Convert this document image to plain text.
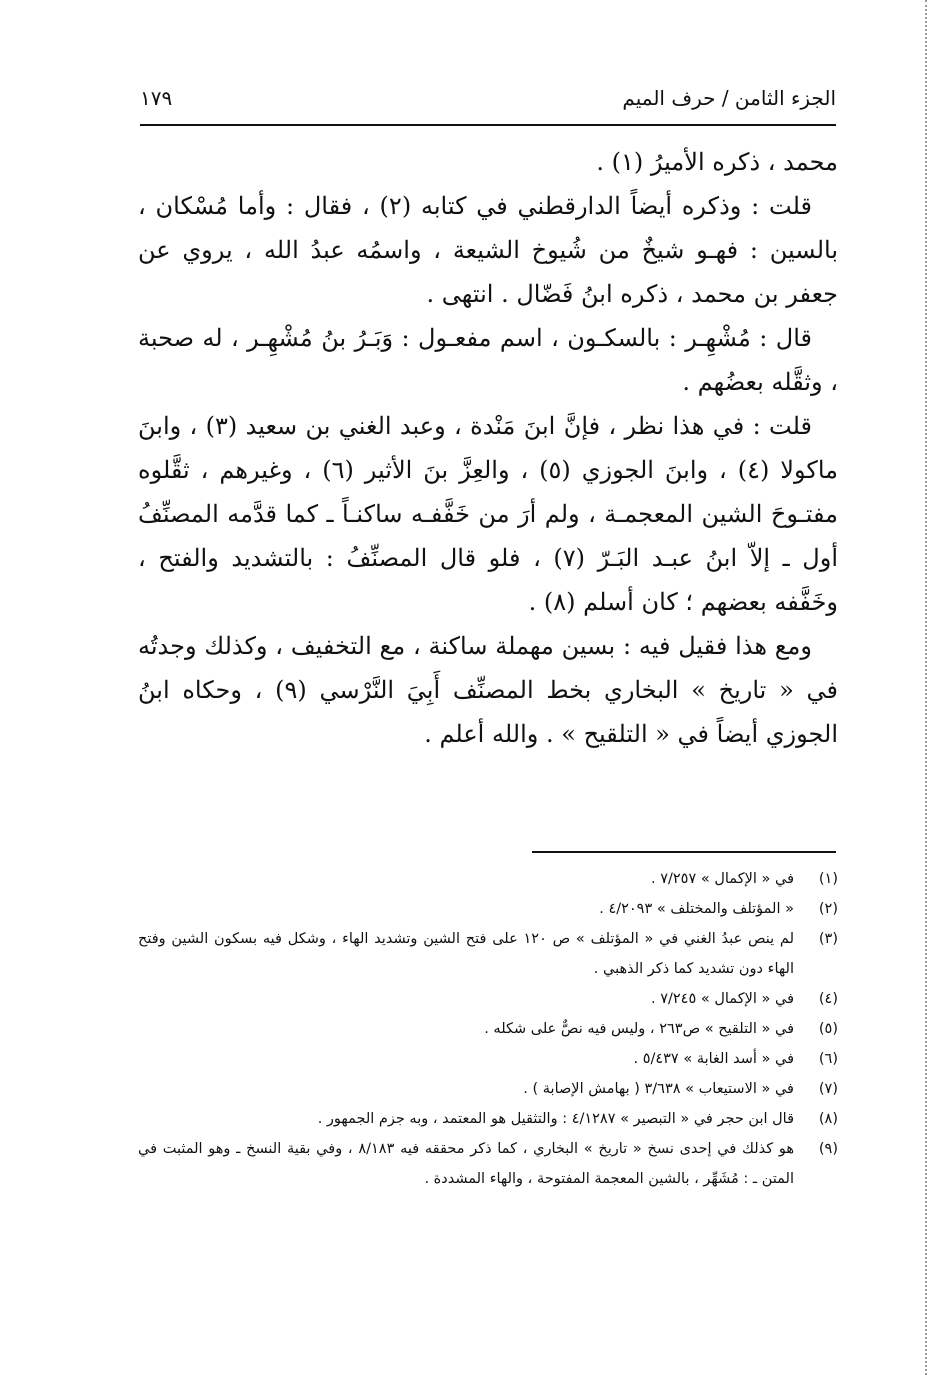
الجزء الثامن / حرف الميم
١٧٩

محمد ، ذكره الأميرُ (١) .

قلت : وذكره أيضاً الدارقطني في كتابه (٢) ، فقال : وأما مُسْكان ، بالسين : فهـو شيخٌ من شُيوخ الشيعة ، واسمُه عبدُ الله ، يروي عن جعفر بن محمد ، ذكره ابنُ فَضّال . انتهى .

قال : مُشْهِـر : بالسكـون ، اسم مفعـول : وَبَـرُ بنُ مُشْهِـر ، له صحبة ، وثقَّله بعضُهم .

قلت : في هذا نظر ، فإنَّ ابنَ مَنْدة ، وعبد الغني بن سعيد (٣) ، وابنَ ماكولا (٤) ، وابنَ الجوزي (٥) ، والعِزَّ بنَ الأثير (٦) ، وغيرهم ، ثقَّلوه مفتـوحَ الشين المعجمـة ، ولم أرَ من خَفَّفـه ساكنـاً ـ كما قدَّمه المصنِّفُ أول ـ إلاّ ابنُ عبـد البَـرّ (٧) ، فلو قال المصنِّفُ : بالتشديد والفتح ، وخَفَّفه بعضهم ؛ كان أسلم (٨) .

ومع هذا فقيل فيه : بسين مهملة ساكنة ، مع التخفيف ، وكذلك وجدتُه في « تاريخ » البخاري بخط المصنِّف أَبِيَ النَّرْسي (٩) ، وحكاه ابنُ الجوزي أيضاً في « التلقيح » . والله أعلم .

(١)
في « الإكمال » ٧/٢٥٧ .

(٢)
« المؤتلف والمختلف » ٤/٢٠٩٣ .

(٣)
لم ينص عبدُ الغني في « المؤتلف » ص ١٢٠ على فتح الشين وتشديد الهاء ، وشكل فيه بسكون الشين وفتح الهاء دون تشديد كما ذكر الذهبي .

(٤)
في « الإكمال » ٧/٢٤٥ .

(٥)
في « التلقيح » ص٢٦٣ ، وليس فيه نصٌّ على شكله .

(٦)
في « أسد الغابة » ٥/٤٣٧ .

(٧)
في « الاستيعاب » ٣/٦٣٨ ( بهامش الإصابة ) .

(٨)
قال ابن حجر في « التبصير » ٤/١٢٨٧ : والتثقيل هو المعتمد ، وبه جزم الجمهور .

(٩)
هو كذلك في إحدى نسخ « تاريخ » البخاري ، كما ذكر محققه فيه ٨/١٨٣ ، وفي بقية النسخ ـ وهو المثبت في المتن ـ : مُشَهِّر ، بالشين المعجمة المفتوحة ، والهاء المشددة .
